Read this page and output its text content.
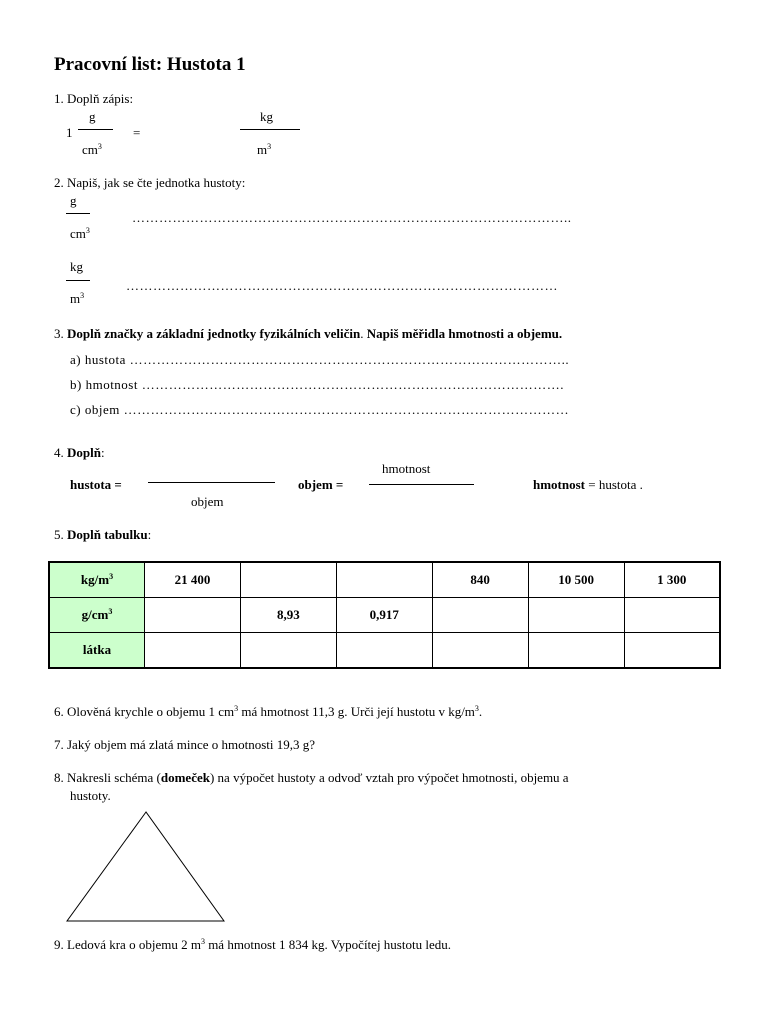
Pracovní list: Hustota 1
1. Doplň zápis:
1
g
$cm^3$
=
kg
$m^3$
2. Napiš, jak se čte jednotka hustoty:
g
$cm^3$
……………………………………………………………………………………..
kg
$m^3$
……………………………………………………………………………………
3. Doplň značky a základní jednotky fyzikálních veličin. Napiš měřidla hmotnosti a objemu.
a) hustota ……………………………………………………………………………………..
b) hmotnost ………………………………………………………………………………….
c) objem ………………………………………………………………………………………
4. Doplň:
hustota =
objem
objem =
hmotnost
hmotnost = hustota .
5. Doplň tabulku:
$kg/m^3$	21 400			840	10 500	1 300
$g/cm^3$		8,93	0,917			
látka						
6. Olověná krychle o objemu 1 $cm^3$ má hmotnost 11,3 g. Urči její hustotu v $kg/m^3$.
7. Jaký objem má zlatá mince o hmotnosti 19,3 g?
8. Nakresli schéma (domeček) na výpočet hustoty a odvoď vztah pro výpočet hmotnosti, objemu a
hustoty.
9. Ledová kra o objemu 2 $m^3$ má hmotnost 1 834 kg. Vypočítej hustotu ledu.
